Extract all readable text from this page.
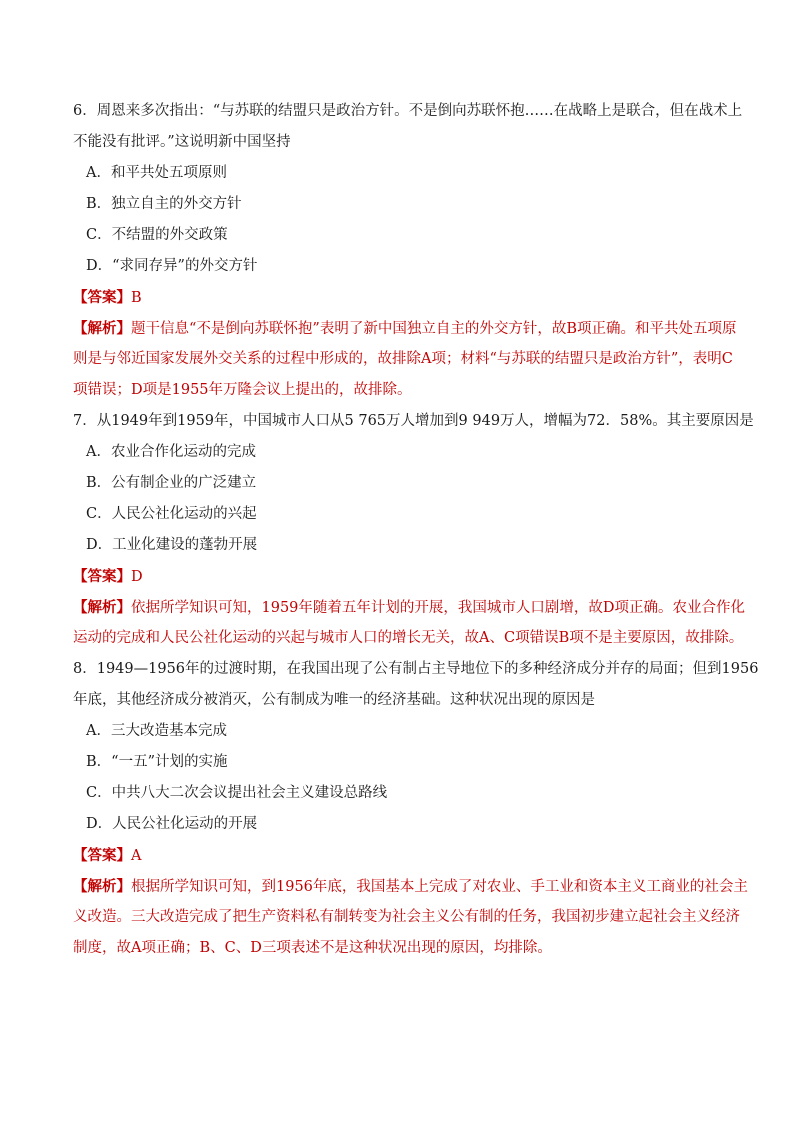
6．周恩来多次指出：“与苏联的结盟只是政治方针。不是倒向苏联怀抱……在战略上是联合，但在战术上
不能没有批评。”这说明新中国坚持
A．和平共处五项原则
B．独立自主的外交方针
C．不结盟的外交政策
D．“求同存异”的外交方针
【答案】B
【解析】题干信息“不是倒向苏联怀抱”表明了新中国独立自主的外交方针，故B项正确。和平共处五项原
则是与邻近国家发展外交关系的过程中形成的，故排除A项；材料“与苏联的结盟只是政治方针”，表明C
项错误；D项是1955年万隆会议上提出的，故排除。
7．从1949年到1959年，中国城市人口从5 765万人增加到9 949万人，增幅为72．58%。其主要原因是
A．农业合作化运动的完成
B．公有制企业的广泛建立
C．人民公社化运动的兴起
D．工业化建设的蓬勃开展
【答案】D
【解析】依据所学知识可知，1959年随着五年计划的开展，我国城市人口剧增，故D项正确。农业合作化
运动的完成和人民公社化运动的兴起与城市人口的增长无关，故A、C项错误B项不是主要原因，故排除。
8．1949—1956年的过渡时期，在我国出现了公有制占主导地位下的多种经济成分并存的局面；但到1956
年底，其他经济成分被消灭，公有制成为唯一的经济基础。这种状况出现的原因是
A．三大改造基本完成
B．“一五”计划的实施
C．中共八大二次会议提出社会主义建设总路线
D．人民公社化运动的开展
【答案】A
【解析】根据所学知识可知，到1956年底，我国基本上完成了对农业、手工业和资本主义工商业的社会主
义改造。三大改造完成了把生产资料私有制转变为社会主义公有制的任务，我国初步建立起社会主义经济
制度，故A项正确；B、C、D三项表述不是这种状况出现的原因，均排除。
